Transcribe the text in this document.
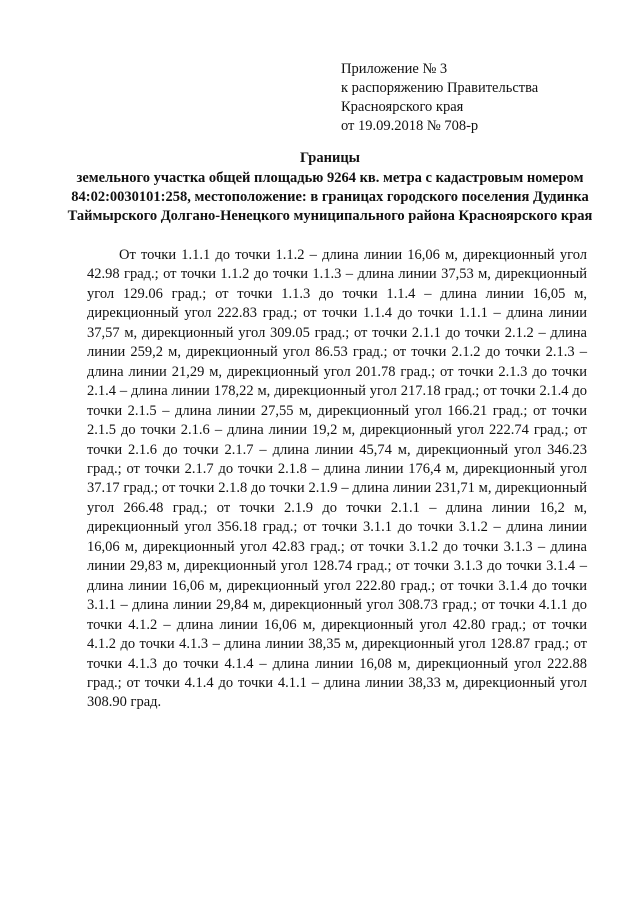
Приложение № 3
к распоряжению Правительства
Красноярского края
от 19.09.2018 № 708-р
Границы
земельного участка общей площадью 9264 кв. метра с кадастровым номером 84:02:0030101:258, местоположение: в границах городского поселения Дудинка Таймырского Долгано-Ненецкого муниципального района Красноярского края

От точки 1.1.1 до точки 1.1.2 – длина линии 16,06 м, дирекционный угол 42.98 град.; от точки 1.1.2 до точки 1.1.3 – длина линии 37,53 м, дирекционный угол 129.06 град.; от точки 1.1.3 до точки 1.1.4 – длина линии 16,05 м, дирекционный угол 222.83 град.; от точки 1.1.4 до точки 1.1.1 – длина линии 37,57 м, дирекционный угол 309.05 град.; от точки 2.1.1 до точки 2.1.2 – длина линии 259,2 м, дирекционный угол 86.53 град.; от точки 2.1.2 до точки 2.1.3 – длина линии 21,29 м, дирекционный угол 201.78 град.; от точки 2.1.3 до точки 2.1.4 – длина линии 178,22 м, дирекционный угол 217.18 град.; от точки 2.1.4 до точки 2.1.5 – длина линии 27,55 м, дирекционный угол 166.21 град.; от точки 2.1.5 до точки 2.1.6 – длина линии 19,2 м, дирекционный угол 222.74 град.; от точки 2.1.6 до точки 2.1.7 – длина линии 45,74 м, дирекционный угол 346.23 град.; от точки 2.1.7 до точки 2.1.8 – длина линии 176,4 м, дирекционный угол 37.17 град.; от точки 2.1.8 до точки 2.1.9 – длина линии 231,71 м, дирекционный угол 266.48 град.; от точки 2.1.9 до точки 2.1.1 – длина линии 16,2 м, дирекционный угол 356.18 град.; от точки 3.1.1 до точки 3.1.2 – длина линии 16,06 м, дирекционный угол 42.83 град.; от точки 3.1.2 до точки 3.1.3 – длина линии 29,83 м, дирекционный угол 128.74 град.; от точки 3.1.3 до точки 3.1.4 – длина линии 16,06 м, дирекционный угол 222.80 град.; от точки 3.1.4 до точки 3.1.1 – длина линии 29,84 м, дирекционный угол 308.73 град.; от точки 4.1.1 до точки 4.1.2 – длина линии 16,06 м, дирекционный угол 42.80 град.; от точки 4.1.2 до точки 4.1.3 – длина линии 38,35 м, дирекционный угол 128.87 град.; от точки 4.1.3 до точки 4.1.4 – длина линии 16,08 м, дирекционный угол 222.88 град.; от точки 4.1.4 до точки 4.1.1 – длина линии 38,33 м, дирекционный угол 308.90 град.
